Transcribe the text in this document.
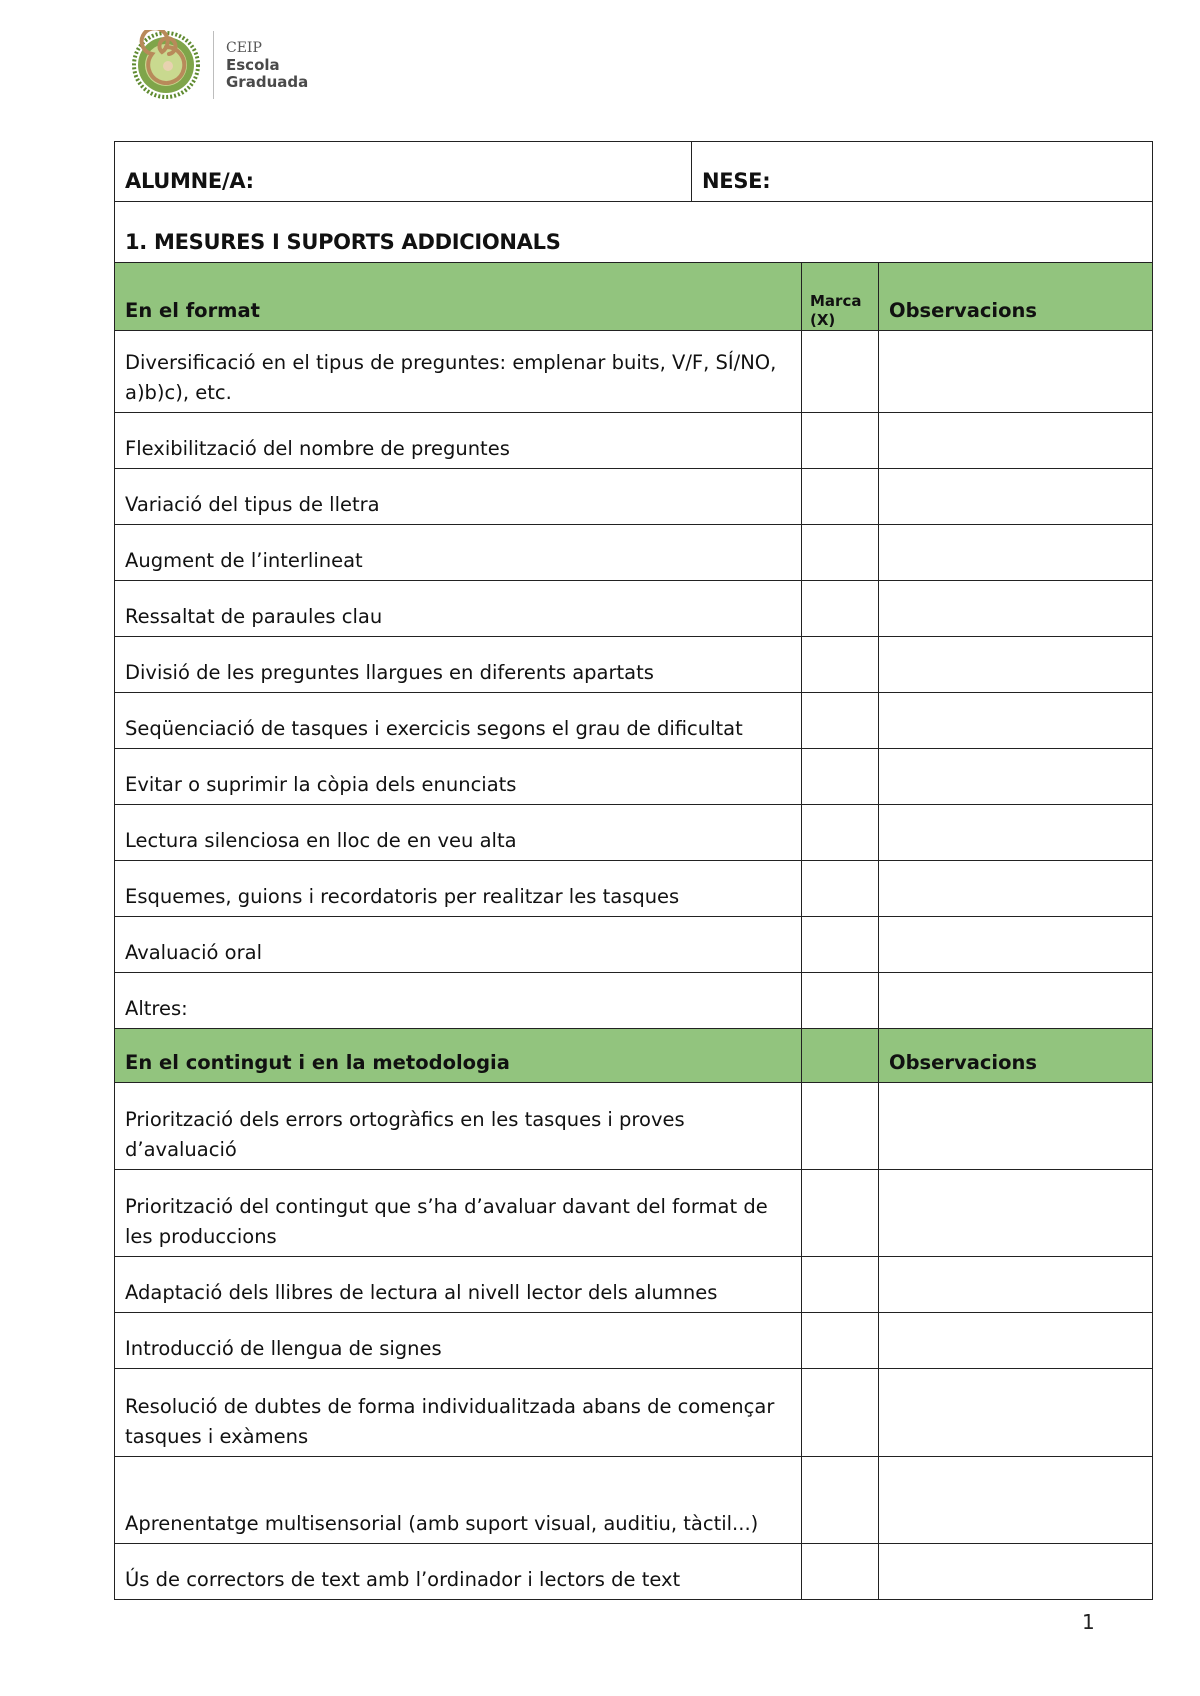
CEIP
Escola
Graduada
ALUMNE/A:	NESE:		
1. MESURES I SUPORTS ADDICIONALS			
En el format		Marca (X)	Observacions
Diversificació en el tipus de preguntes: emplenar buits, V/F, SÍ/NO, a)b)c), etc.			
Flexibilització del nombre de preguntes			
Variació del tipus de lletra			
Augment de l’interlineat			
Ressaltat de paraules clau			
Divisió de les preguntes llargues en diferents apartats			
Seqüenciació de tasques i exercicis segons el grau de dificultat			
Evitar o suprimir la còpia dels enunciats			
Lectura silenciosa en lloc de en veu alta			
Esquemes, guions i recordatoris per realitzar les tasques			
Avaluació oral			
Altres:			
En el contingut i en la metodologia			Observacions
Priorització dels errors ortogràfics en les tasques i proves d’avaluació			
Priorització del contingut que s’ha d’avaluar davant del format de les produccions			
Adaptació dels llibres de lectura al nivell lector dels alumnes			
Introducció de llengua de signes			
Resolució de dubtes de forma individualitzada abans de començar tasques i exàmens			
Aprenentatge multisensorial (amb suport visual, auditiu, tàctil...)			
Ús de correctors de text amb l’ordinador i lectors de text			
1
